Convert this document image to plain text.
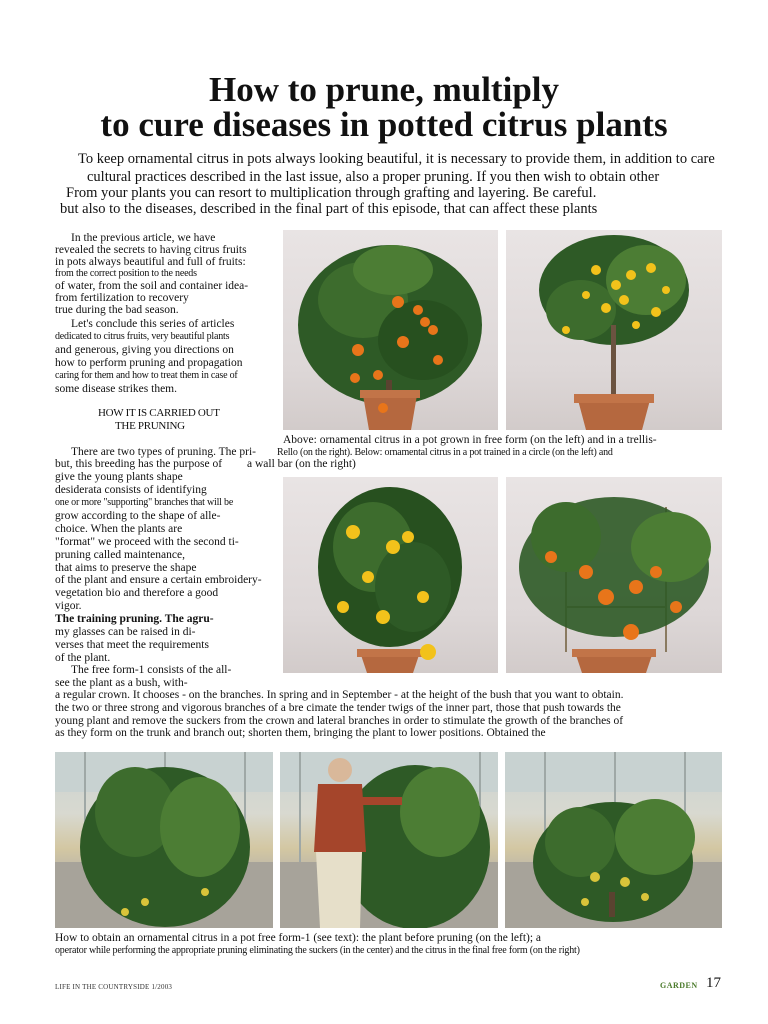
How to prune, multiply
to cure diseases in potted citrus plants
To keep ornamental citrus in pots always looking beautiful, it is necessary to provide them, in addition to care
cultural practices described in the last issue, also a proper pruning. If you then wish to obtain other
From your plants you can resort to multiplication through grafting and layering. Be careful.
but also to the diseases, described in the final part of this episode, that can affect these plants
In the previous article, we have
revealed the secrets to having citrus fruits
in pots always beautiful and full of fruits:
from the correct position to the needs
of water, from the soil and container idea-
from fertilization to recovery
true during the bad season.
Let's conclude this series of articles
dedicated to citrus fruits, very beautiful plants
and generous, giving you directions on
how to perform pruning and propagation
caring for them and how to treat them in case of
some disease strikes them.
HOW IT IS CARRIED OUT
THE PRUNING
Above: ornamental citrus in a pot grown in free form (on the left) and in a trellis-
There are two types of pruning. The pri- Rello (on the right). Below: ornamental citrus in a pot trained in a circle (on the left) and
but, this breeding has the purpose of a wall bar (on the right)
give the young plants shape
desiderata consists of identifying
one or more "supporting" branches that will be
grow according to the shape of alle-
choice. When the plants are
"format" we proceed with the second ti-
pruning called maintenance,
that aims to preserve the shape
of the plant and ensure a certain embroidery-
vegetation bio and therefore a good
vigor.
The training pruning. The agru-
my glasses can be raised in di-
verses that meet the requirements
of the plant.
The free form-1 consists of the all-
see the plant as a bush, with-
a regular crown. It chooses - on the branches. In spring and in September - at the height of the bush that you want to obtain.
the two or three strong and vigorous branches of a bre cimate the tender twigs of the inner part, those that push towards the
young plant and remove the suckers from the crown and lateral branches in order to stimulate the growth of the branches of
as they form on the trunk and branch out; shorten them, bringing the plant to lower positions. Obtained the
How to obtain an ornamental citrus in a pot free form-1 (see text): the plant before pruning (on the left); a
operator while performing the appropriate pruning eliminating the suckers (in the center) and the citrus in the final free form (on the right)
LIFE IN THE COUNTRYSIDE 1/2003	GARDEN 17
